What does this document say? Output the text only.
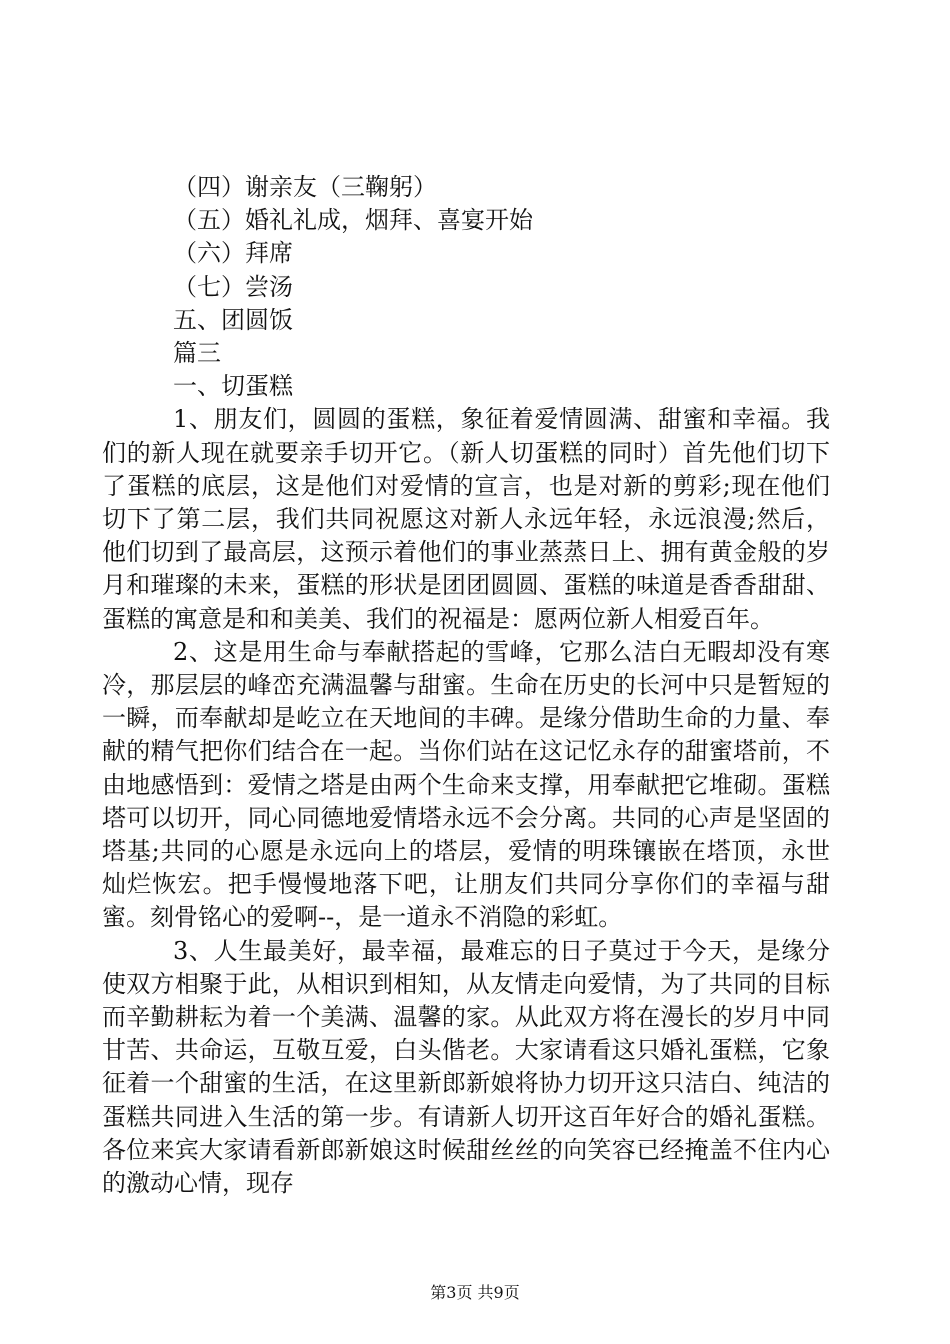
（四）谢亲友（三鞠躬）

（五）婚礼礼成，烟拜、喜宴开始

（六）拜席

（七）尝汤

五、团圆饭

篇三

一、切蛋糕

1、朋友们，圆圆的蛋糕，象征着爱情圆满、甜蜜和幸福。我们的新人现在就要亲手切开它。（新人切蛋糕的同时）首先他们切下了蛋糕的底层，这是他们对爱情的宣言，也是对新的剪彩;现在他们切下了第二层，我们共同祝愿这对新人永远年轻，永远浪漫;然后，他们切到了最高层，这预示着他们的事业蒸蒸日上、拥有黄金般的岁月和璀璨的未来，蛋糕的形状是团团圆圆、蛋糕的味道是香香甜甜、蛋糕的寓意是和和美美、我们的祝福是：愿两位新人相爱百年。

2、这是用生命与奉献搭起的雪峰，它那么洁白无暇却没有寒冷，那层层的峰峦充满温馨与甜蜜。生命在历史的长河中只是暂短的一瞬，而奉献却是屹立在天地间的丰碑。是缘分借助生命的力量、奉献的精气把你们结合在一起。当你们站在这记忆永存的甜蜜塔前，不由地感悟到：爱情之塔是由两个生命来支撑，用奉献把它堆砌。蛋糕塔可以切开，同心同德地爱情塔永远不会分离。共同的心声是坚固的塔基;共同的心愿是永远向上的塔层，爱情的明珠镶嵌在塔顶，永世灿烂恢宏。把手慢慢地落下吧，让朋友们共同分享你们的幸福与甜蜜。刻骨铭心的爱啊--，是一道永不消隐的彩虹。

3、人生最美好，最幸福，最难忘的日子莫过于今天，是缘分使双方相聚于此，从相识到相知，从友情走向爱情，为了共同的目标而辛勤耕耘为着一个美满、温馨的家。从此双方将在漫长的岁月中同甘苦、共命运，互敬互爱，白头偕老。大家请看这只婚礼蛋糕，它象征着一个甜蜜的生活，在这里新郎新娘将协力切开这只洁白、纯洁的蛋糕共同进入生活的第一步。有请新人切开这百年好合的婚礼蛋糕。各位来宾大家请看新郎新娘这时候甜丝丝的向笑容已经掩盖不住内心的激动心情，现存

第3页 共9页
